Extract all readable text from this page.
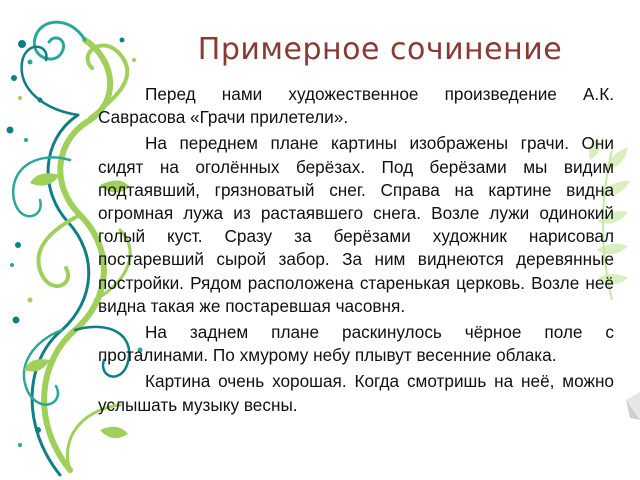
Примерное сочинение

Перед нами художественное произведение А.К. Саврасова «Грачи прилетели».

На переднем плане картины изображены грачи. Они сидят на оголённых берёзах. Под берёзами мы видим подтаявший, грязноватый снег. Справа на картине видна огромная лужа из растаявшего снега. Возле лужи одинокий голый куст. Сразу за берёзами художник нарисовал постаревший сырой забор. За ним виднеются деревянные постройки. Рядом расположена старенькая церковь. Возле неё видна такая же постаревшая часовня.

На заднем плане раскинулось чёрное поле с проталинами. По хмурому небу плывут весенние облака.

Картина очень хорошая. Когда смотришь на неё, можно услышать музыку весны.
